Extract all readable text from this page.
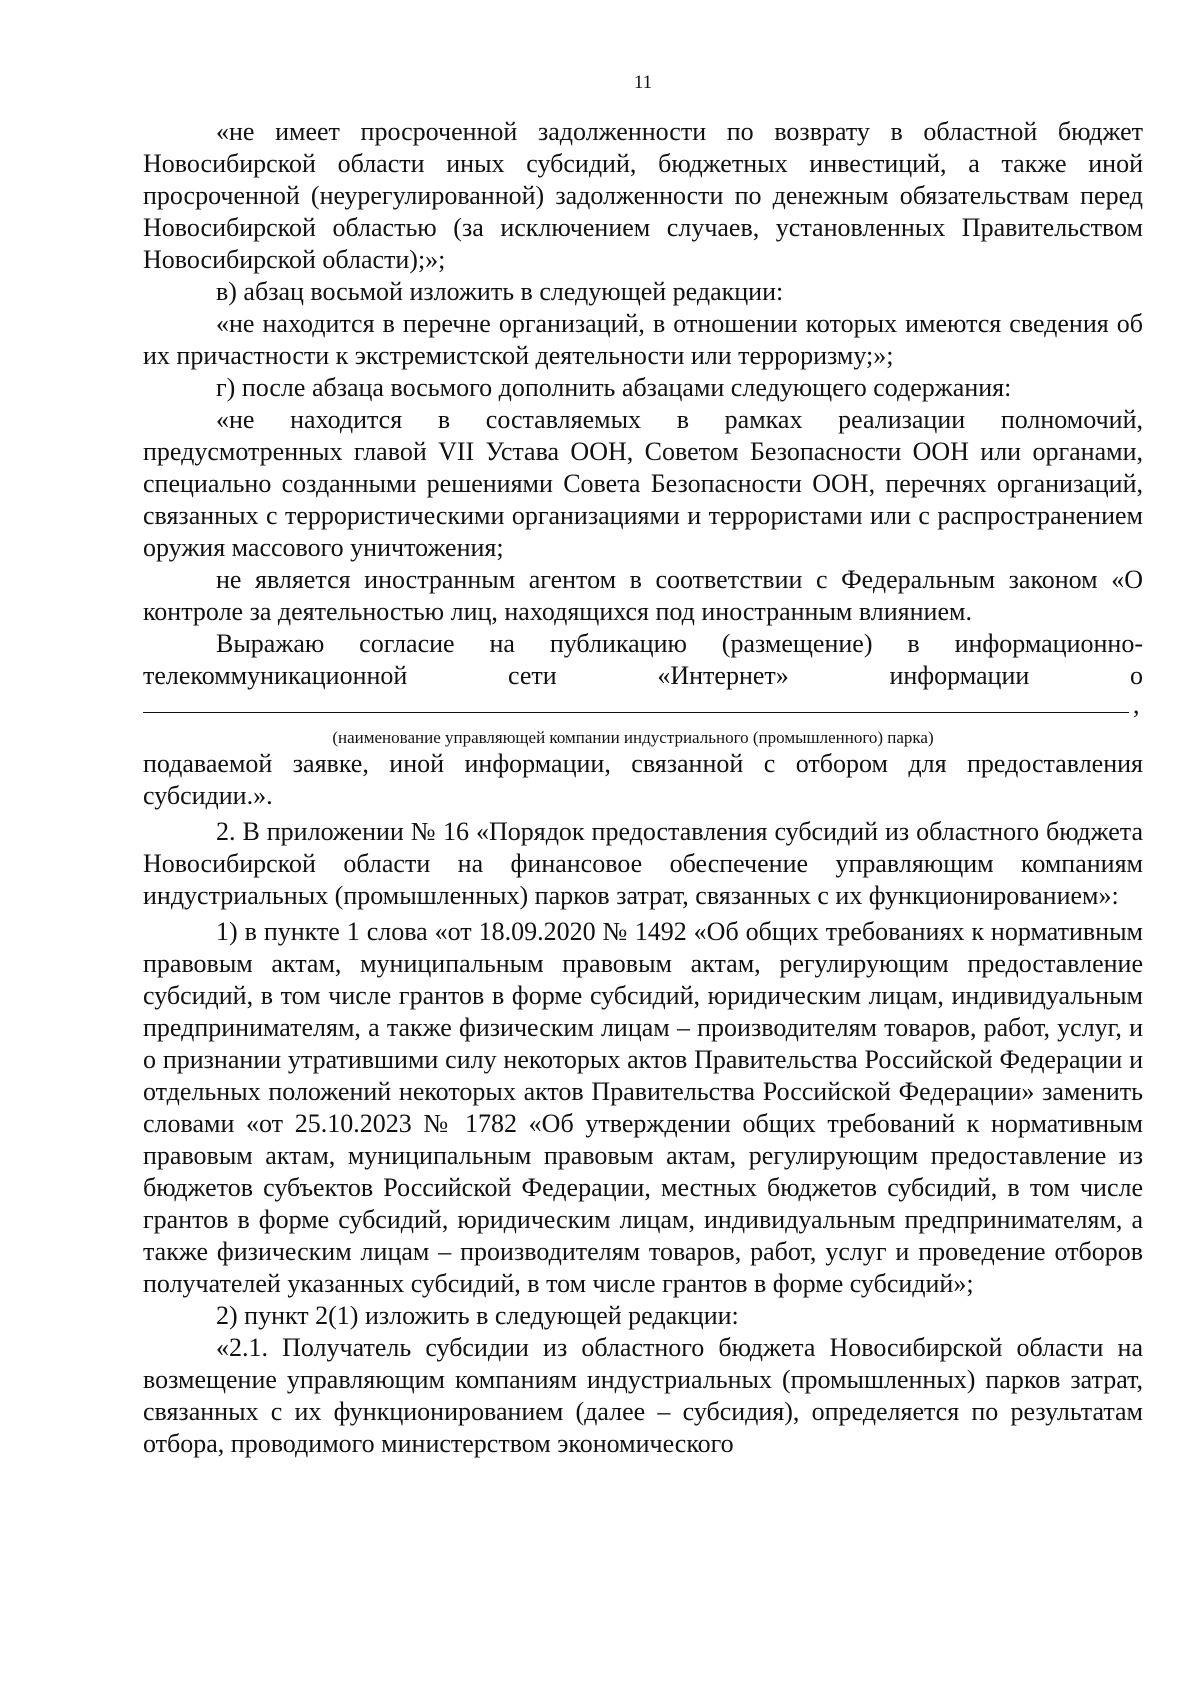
11

«не имеет просроченной задолженности по возврату в областной бюджет Новосибирской области иных субсидий, бюджетных инвестиций, а также иной просроченной (неурегулированной) задолженности по денежным обязательствам перед Новосибирской областью (за исключением случаев, установленных Правительством Новосибирской области);»;

в) абзац восьмой изложить в следующей редакции:

«не находится в перечне организаций, в отношении которых имеются сведения об их причастности к экстремистской деятельности или терроризму;»;

г) после абзаца восьмого дополнить абзацами следующего содержания:

«не находится в составляемых в рамках реализации полномочий, предусмотренных главой VII Устава ООН, Советом Безопасности ООН или органами, специально созданными решениями Совета Безопасности ООН, перечнях организаций, связанных с террористическими организациями и террористами или с распространением оружия массового уничтожения;

не является иностранным агентом в соответствии с Федеральным законом «О контроле за деятельностью лиц, находящихся под иностранным влиянием.

Выражаю согласие на публикацию (размещение) в информационно-телекоммуникационной сети «Интернет» информации о

,
(наименование управляющей компании индустриального (промышленного) парка)

подаваемой заявке, иной информации, связанной с отбором для предоставления субсидии.».

2. В приложении № 16 «Порядок предоставления субсидий из областного бюджета Новосибирской области на финансовое обеспечение управляющим компаниям индустриальных (промышленных) парков затрат, связанных с их функционированием»:

1) в пункте 1 слова «от 18.09.2020 № 1492 «Об общих требованиях к нормативным правовым актам, муниципальным правовым актам, регулирующим предоставление субсидий, в том числе грантов в форме субсидий, юридическим лицам, индивидуальным предпринимателям, а также физическим лицам – производителям товаров, работ, услуг, и о признании утратившими силу некоторых актов Правительства Российской Федерации и отдельных положений некоторых актов Правительства Российской Федерации» заменить словами «от 25.10.2023 № 1782 «Об утверждении общих требований к нормативным правовым актам, муниципальным правовым актам, регулирующим предоставление из бюджетов субъектов Российской Федерации, местных бюджетов субсидий, в том числе грантов в форме субсидий, юридическим лицам, индивидуальным предпринимателям, а также физическим лицам – производителям товаров, работ, услуг и проведение отборов получателей указанных субсидий, в том числе грантов в форме субсидий»;

2) пункт 2(1) изложить в следующей редакции:

«2.1. Получатель субсидии из областного бюджета Новосибирской области на возмещение управляющим компаниям индустриальных (промышленных) парков затрат, связанных с их функционированием (далее – субсидия), определяется по результатам отбора, проводимого министерством экономического
